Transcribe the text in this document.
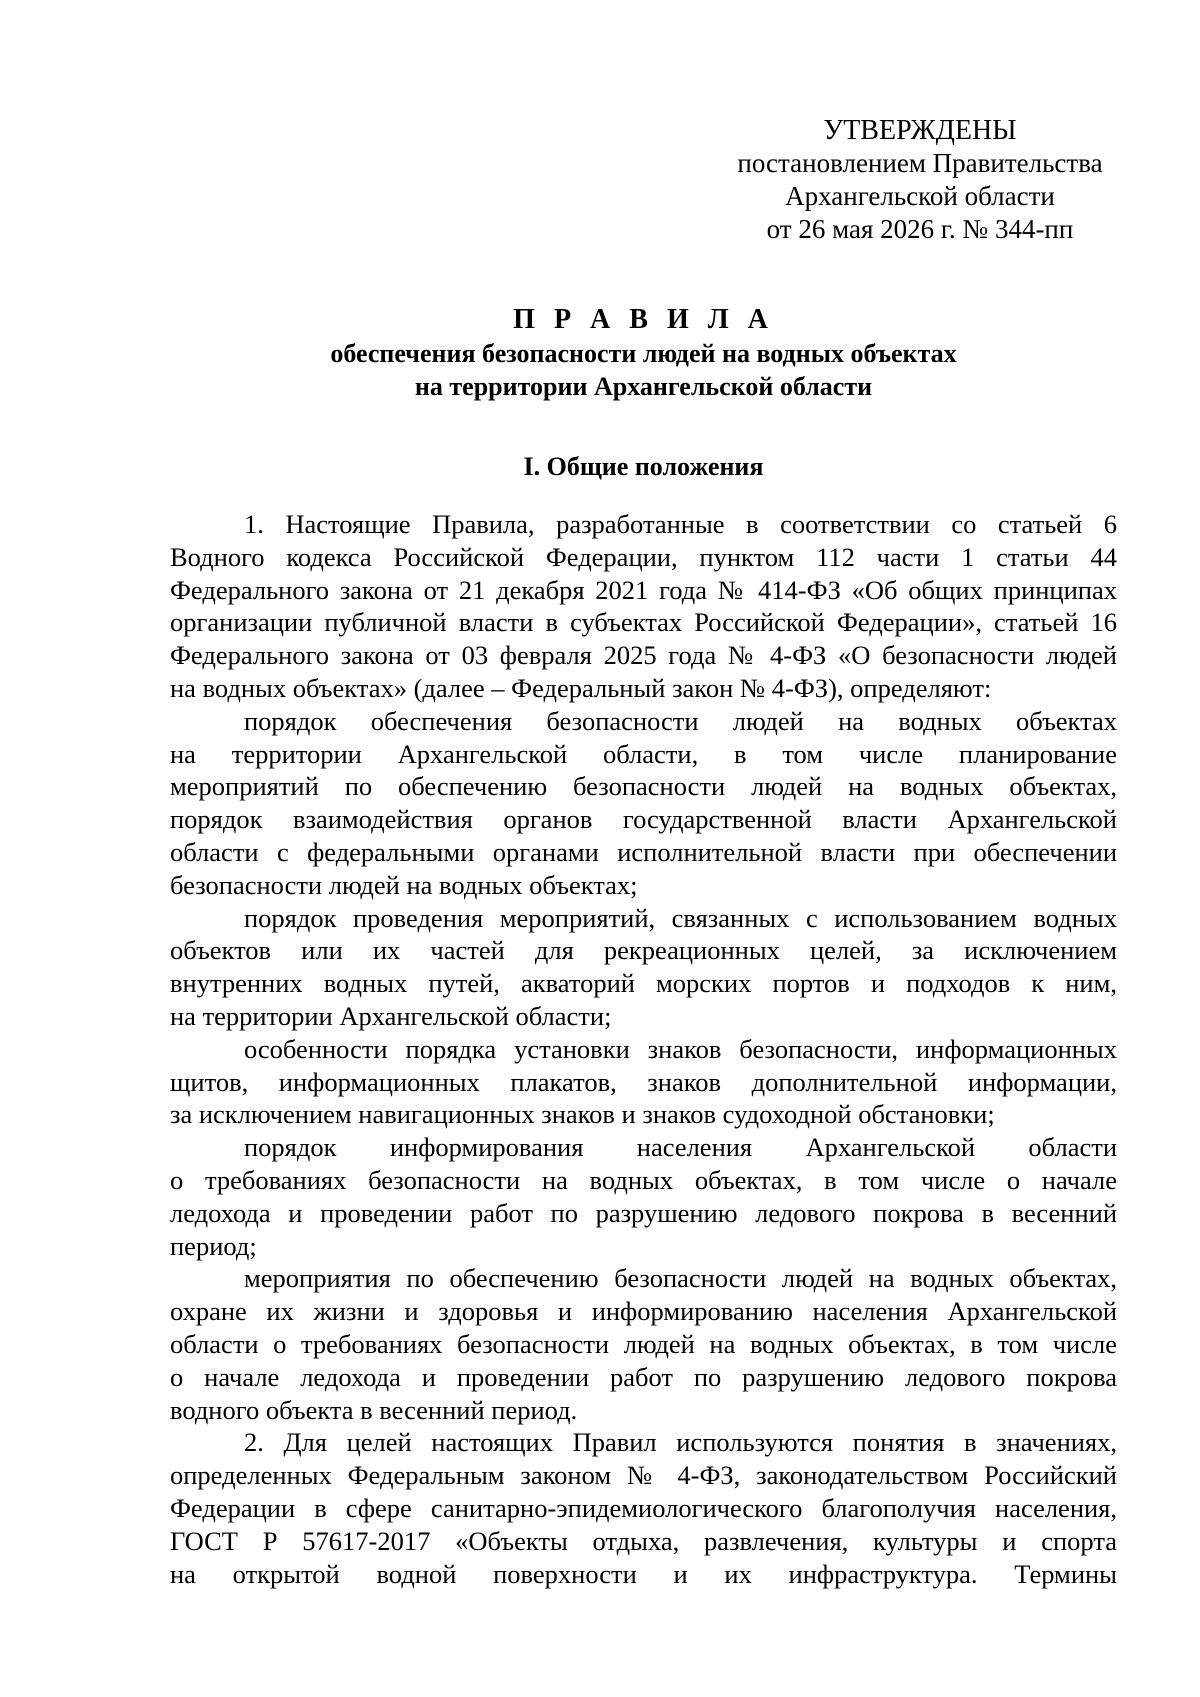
УТВЕРЖДЕНЫ
постановлением Правительства
Архангельской области
от 26 мая 2026 г. № 344-пп
П Р А В И Л А
обеспечения безопасности людей на водных объектах
на территории Архангельской области
I. Общие положения
1. Настоящие Правила, разработанные в соответствии со статьей 6
Водного кодекса Российской Федерации, пунктом 112 части 1 статьи 44
Федерального закона от 21 декабря 2021 года № 414-ФЗ «Об общих принципах
организации публичной власти в субъектах Российской Федерации», статьей 16
Федерального закона от 03 февраля 2025 года № 4-ФЗ «О безопасности людей
на водных объектах» (далее – Федеральный закон № 4-ФЗ), определяют:
порядок обеспечения безопасности людей на водных объектах
на территории Архангельской области, в том числе планирование
мероприятий по обеспечению безопасности людей на водных объектах,
порядок взаимодействия органов государственной власти Архангельской
области с федеральными органами исполнительной власти при обеспечении
безопасности людей на водных объектах;
порядок проведения мероприятий, связанных с использованием водных
объектов или их частей для рекреационных целей, за исключением
внутренних водных путей, акваторий морских портов и подходов к ним,
на территории Архангельской области;
особенности порядка установки знаков безопасности, информационных
щитов, информационных плакатов, знаков дополнительной информации,
за исключением навигационных знаков и знаков судоходной обстановки;
порядок информирования населения Архангельской области
о требованиях безопасности на водных объектах, в том числе о начале
ледохода и проведении работ по разрушению ледового покрова в весенний
период;
мероприятия по обеспечению безопасности людей на водных объектах,
охране их жизни и здоровья и информированию населения Архангельской
области о требованиях безопасности людей на водных объектах, в том числе
о начале ледохода и проведении работ по разрушению ледового покрова
водного объекта в весенний период.
2. Для целей настоящих Правил используются понятия в значениях,
определенных Федеральным законом № 4-ФЗ, законодательством Российский
Федерации в сфере санитарно-эпидемиологического благополучия населения,
ГОСТ Р 57617-2017 «Объекты отдыха, развлечения, культуры и спорта
на открытой водной поверхности и их инфраструктура. Термины
